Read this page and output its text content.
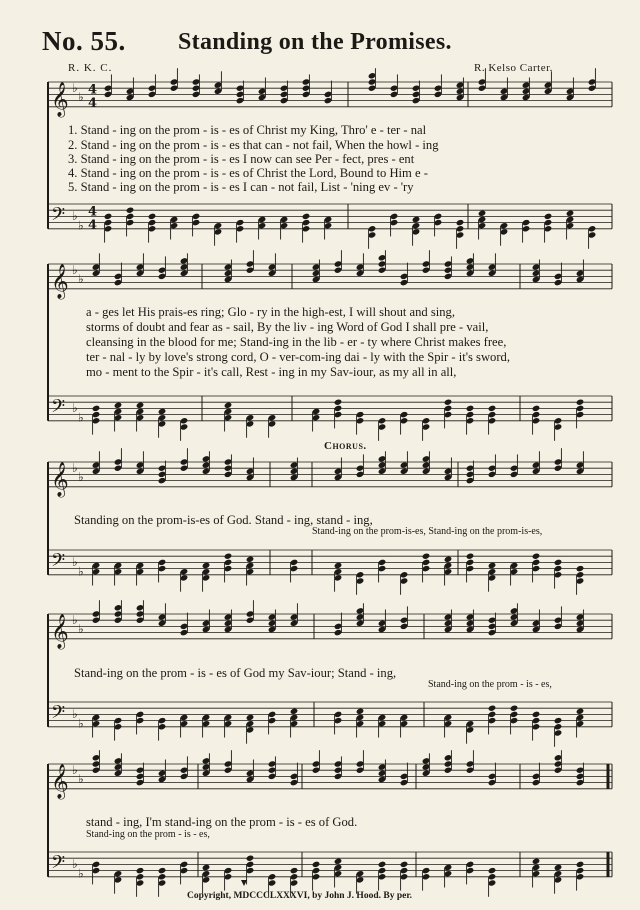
No. 55. Standing on the Promises.
R. K. C.	R. Kelso Carter.
𝄞 ♭
♭ 4
4
𝄢 ♭
♭
4
4
𝄞 ♭
♭
𝄢 ♭
♭
𝄞 ♭
♭
𝄢 ♭
♭
𝄞 ♭
♭
𝄢 ♭
♭
𝄞 ♭
♭
𝄢 ♭
♭
1. Stand - ing on the prom - is - es of Christ my King, Thro' e - ter - nal
2. Stand - ing on the prom - is - es that can - not fail, When the howl - ing
3. Stand - ing on the prom - is - es I now can see Per - fect, pres - ent
4. Stand - ing on the prom - is - es of Christ the Lord, Bound to Him e -
5. Stand - ing on the prom - is - es I can - not fail, List - 'ning ev - 'ry
a - ges let His prais-es ring; Glo - ry in the high-est, I will shout and sing,
storms of doubt and fear as - sail, By the liv - ing Word of God I shall pre - vail,
cleansing in the blood for me; Stand-ing in the lib - er - ty where Christ makes free,
ter - nal - ly by love's strong cord, O - ver-com-ing dai - ly with the Spir - it's sword,
mo - ment to the Spir - it's call, Rest - ing in my Sav-iour, as my all in all,
Chorus.
Standing on the prom-is-es of God. Stand - ing, stand - ing,
Stand-ing on the prom-is-es, Stand-ing on the prom-is-es,
Stand-ing on the prom - is - es of God my Sav-iour; Stand - ing,
Stand-ing on the prom - is - es,
stand - ing, I'm stand-ing on the prom - is - es of God.
Stand-ing on the prom - is - es,
Copyright, MDCCCLXXXVI, by John J. Hood. By per.
